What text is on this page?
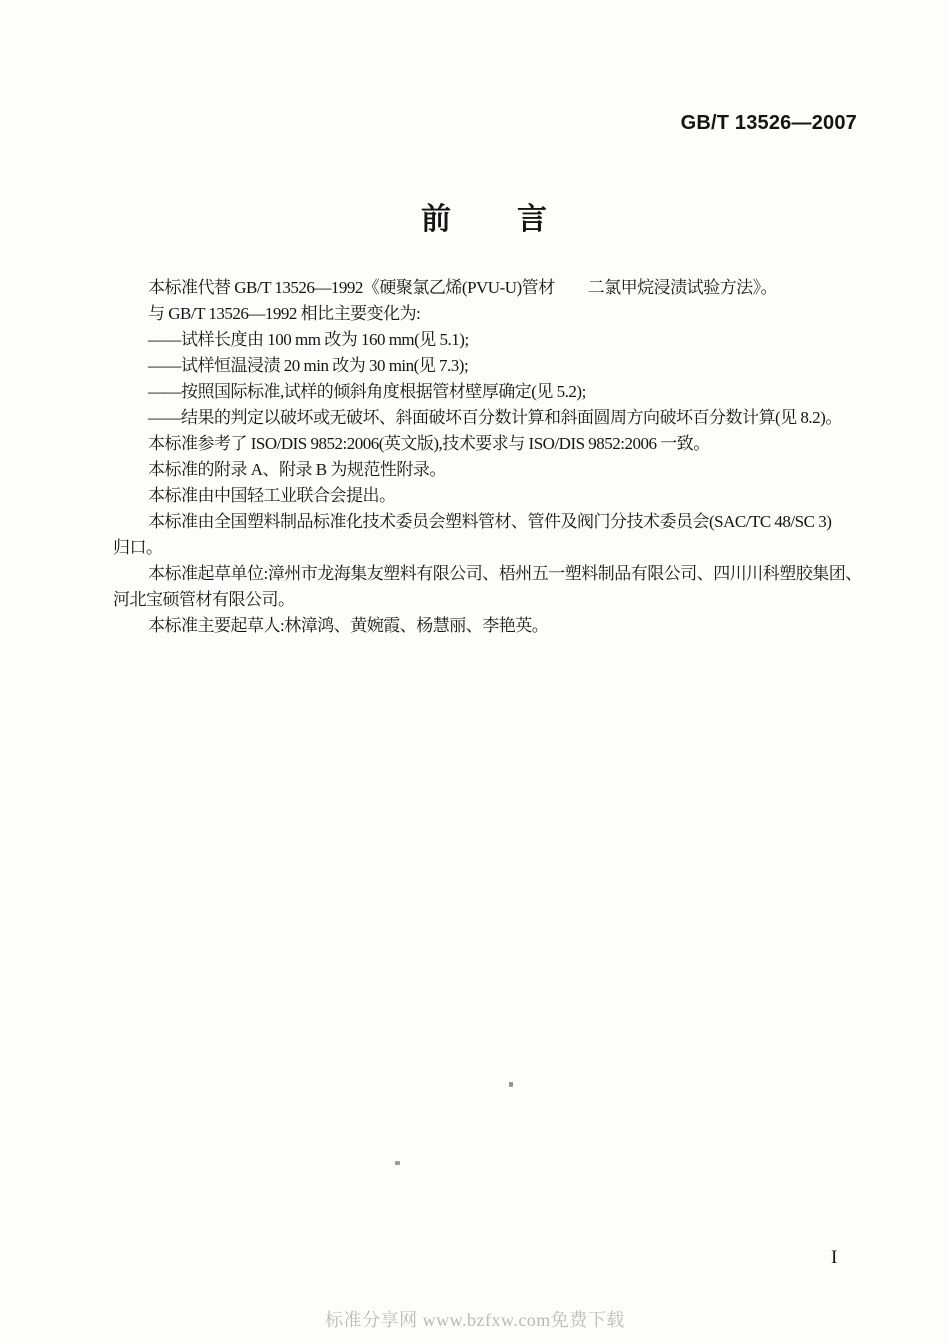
GB/T 13526—2007
前　　言
本标准代替 GB/T 13526—1992《硬聚氯乙烯(PVU-U)管材　　二氯甲烷浸渍试验方法》。
与 GB/T 13526—1992 相比主要变化为:
——试样长度由 100 mm 改为 160 mm(见 5.1);
——试样恒温浸渍 20 min 改为 30 min(见 7.3);
——按照国际标准,试样的倾斜角度根据管材壁厚确定(见 5.2);
——结果的判定以破坏或无破坏、斜面破坏百分数计算和斜面圆周方向破坏百分数计算(见 8.2)。
本标准参考了 ISO/DIS 9852:2006(英文版),技术要求与 ISO/DIS 9852:2006 一致。
本标准的附录 A、附录 B 为规范性附录。
本标准由中国轻工业联合会提出。
本标准由全国塑料制品标准化技术委员会塑料管材、管件及阀门分技术委员会(SAC/TC 48/SC 3)
归口。
本标准起草单位:漳州市龙海集友塑料有限公司、梧州五一塑料制品有限公司、四川川科塑胶集团、
河北宝硕管材有限公司。
本标准主要起草人:林漳鸿、黄婉霞、杨慧丽、李艳英。
I
标准分享网 www.bzfxw.com免费下载
